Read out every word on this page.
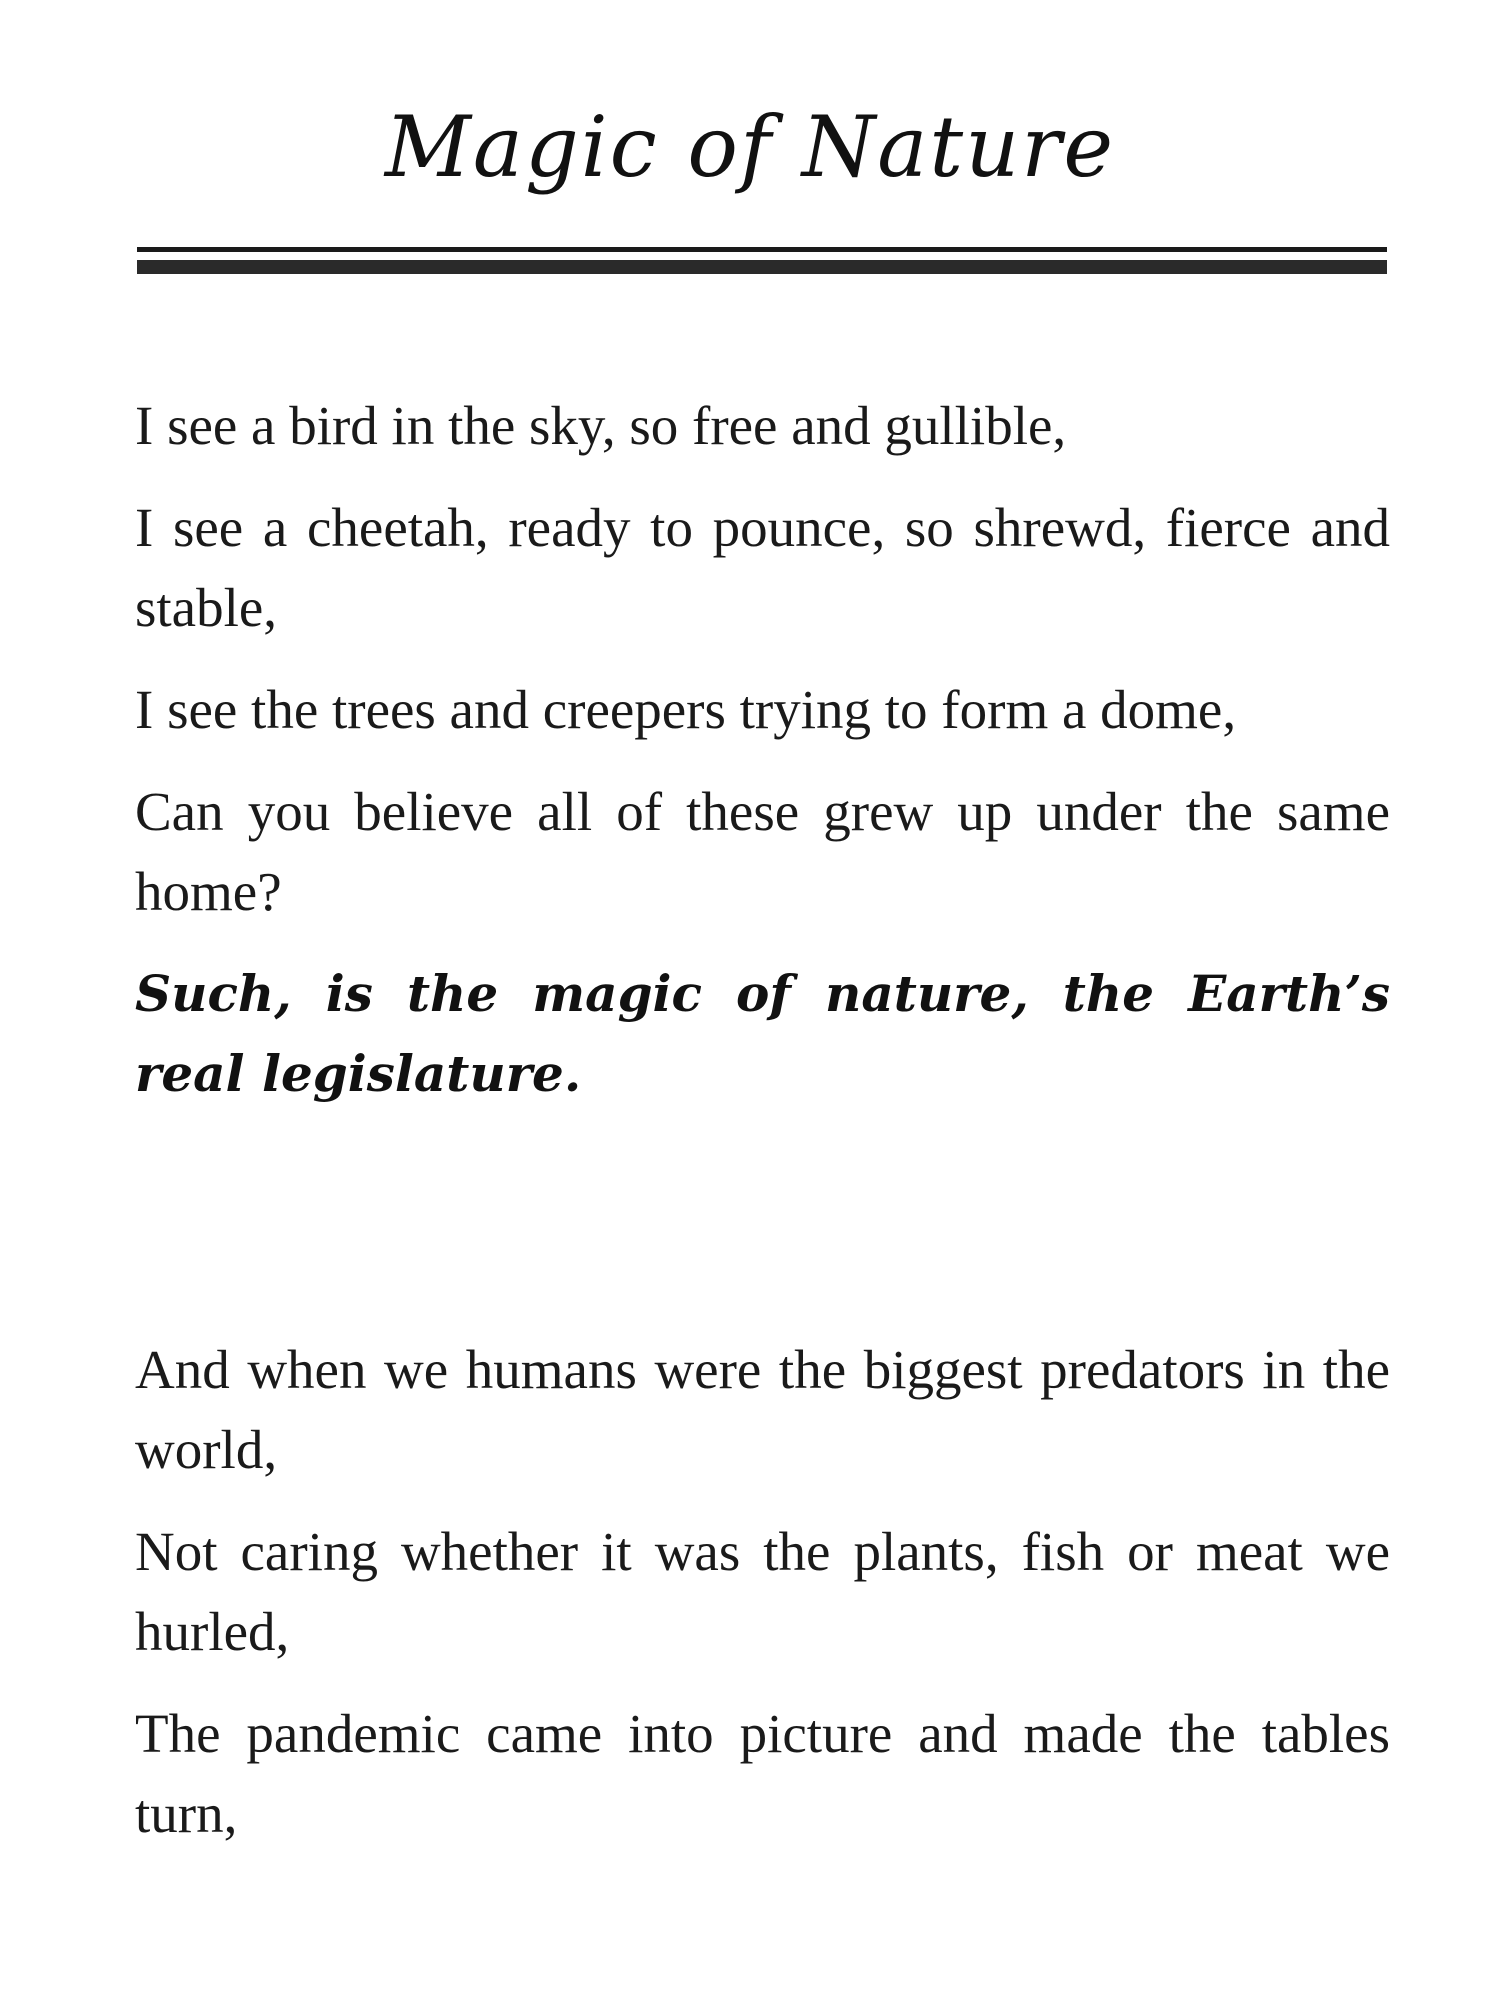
Magic of Nature

I see a bird in the sky, so free and gullible,

I see a cheetah, ready to pounce, so shrewd, fierce and stable,

I see the trees and creepers trying to form a dome,

Can you believe all of these grew up under the same home?

Such, is the magic of nature, the Earth’s real legislature.

And when we humans were the biggest predators in the world,

Not caring whether it was the plants, fish or meat we hurled,

The pandemic came into picture and made the tables turn,
